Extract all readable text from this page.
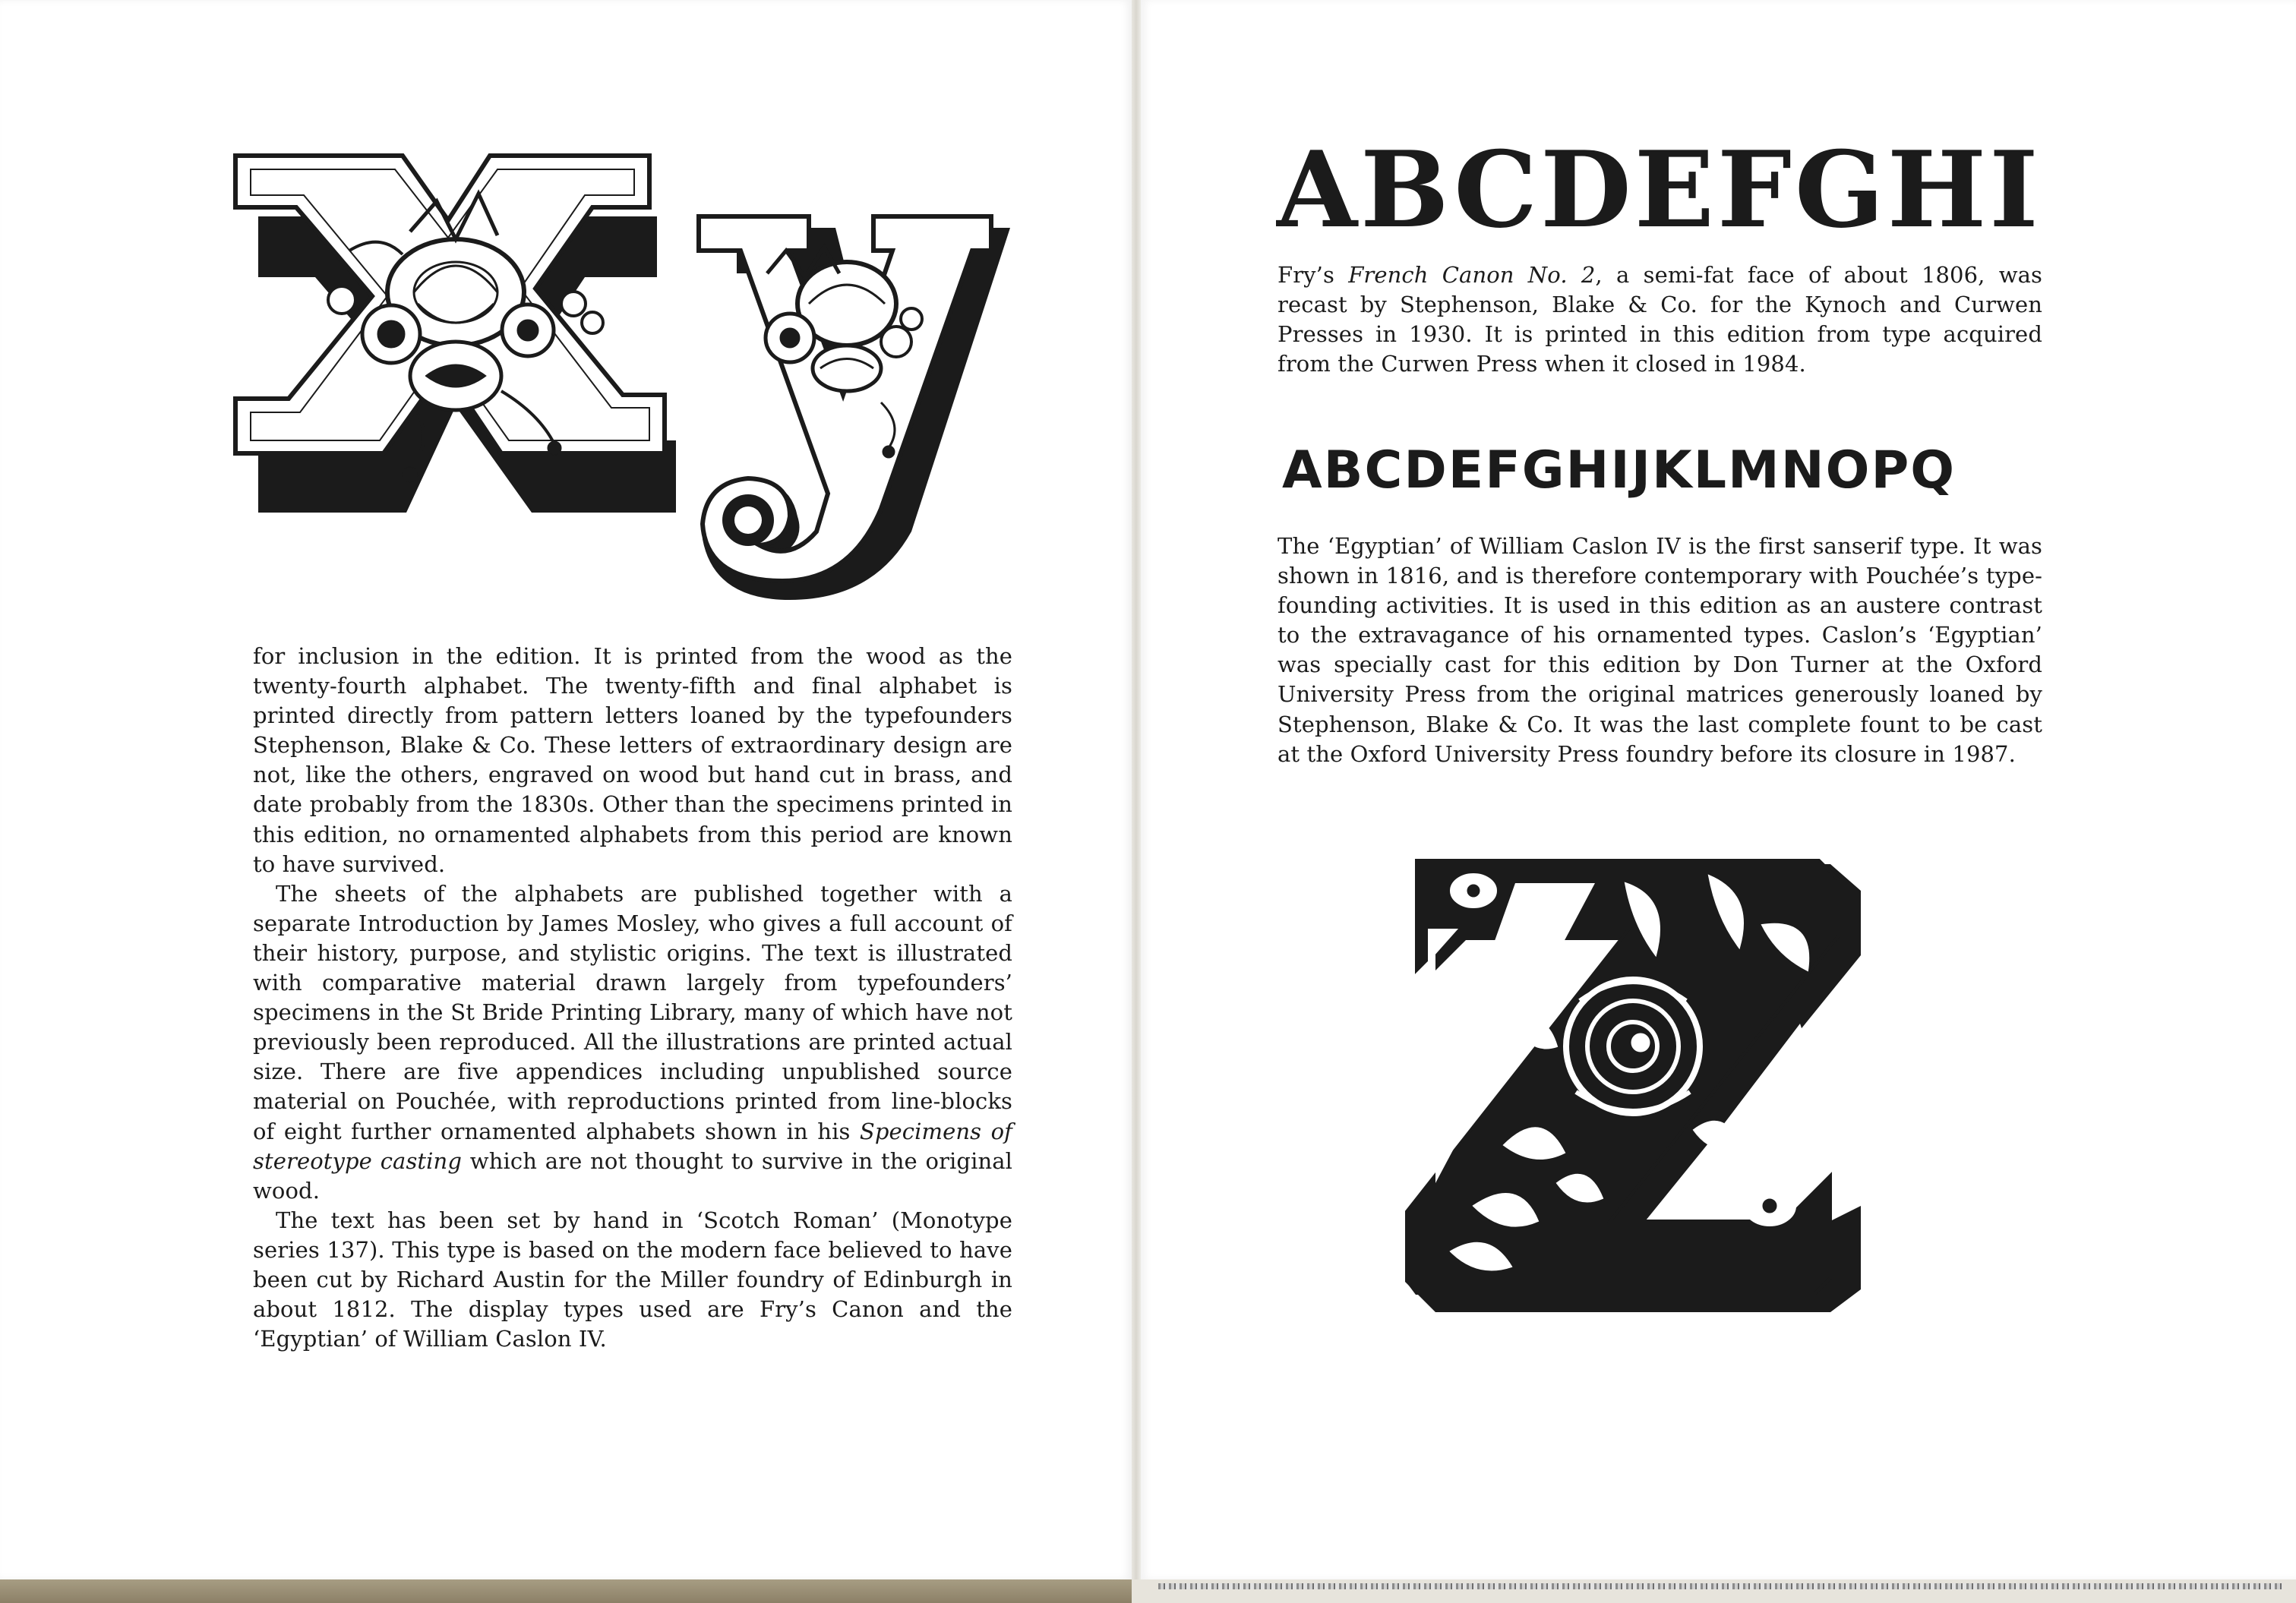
for inclusion in the edition. It is printed from the wood as the twenty-fourth alphabet. The twenty-fifth and final alphabet is printed directly from pattern letters loaned by the typefounders Stephenson, Blake & Co. These letters of extraordinary design are not, like the others, engraved on wood but hand cut in brass, and date probably from the 1830s. Other than the specimens printed in this edition, no ornamented alphabets from this period are known to have survived.

The sheets of the alphabets are published together with a separate Introduction by James Mosley, who gives a full account of their history, purpose, and stylistic origins. The text is illustrated with comparative material drawn largely from typefounders’ specimens in the St Bride Printing Library, many of which have not previously been reproduced. All the illustrations are printed actual size. There are five appendices including unpublished source material on Pouchée, with reproductions printed from line-blocks of eight further ornamented alphabets shown in his Specimens of stereotype casting which are not thought to survive in the original wood.

The text has been set by hand in ‘Scotch Roman’ (Monotype series 137). This type is based on the modern face believed to have been cut by Richard Austin for the Miller foundry of Edinburgh in about 1812. The display types used are Fry’s Canon and the ‘Egyptian’ of William Caslon IV.

ABCDEFGHI

Fry’s French Canon No. 2, a semi-fat face of about 1806, was recast by Stephenson, Blake & Co. for the Kynoch and Curwen Presses in 1930. It is printed in this edition from type acquired from the Curwen Press when it closed in 1984.

ABCDEFGHIJKLMNOPQ

The ‘Egyptian’ of William Caslon IV is the first sanserif type. It was shown in 1816, and is therefore contemporary with Pouchée’s type-founding activities. It is used in this edition as an austere contrast to the extravagance of his ornamented types. Caslon’s ‘Egyptian’ was specially cast for this edition by Don Turner at the Oxford University Press from the original matrices generously loaned by Stephenson, Blake & Co. It was the last complete fount to be cast at the Oxford University Press foundry before its closure in 1987.
